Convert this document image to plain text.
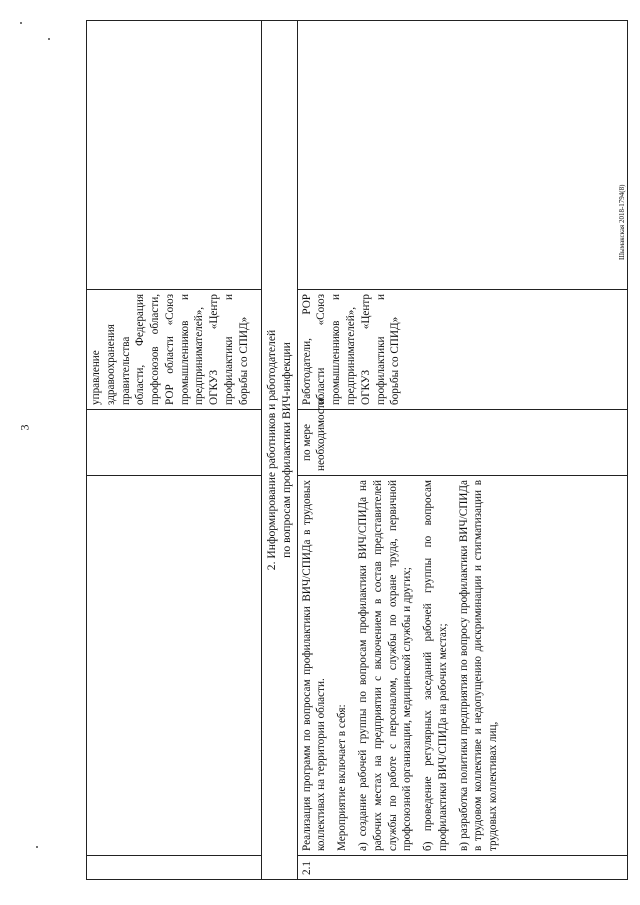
3
Шымакская 2018-1794(8)
			управление здравоохранения правительства области, Федерация профсоюзов области, РОР области «Союз промышленников и предпринимателей», ОГКУЗ «Центр профилактики и борьбы со СПИД»	

2. Информирование работников и работодателей по вопросам профилактики ВИЧ-инфекции				

2.1	Реализация программ по вопросам профилактики ВИЧ/СПИДа в трудовых коллективах на территории области. Мероприятие включает в себя: а) создание рабочей группы по вопросам профилактики ВИЧ/СПИДа на рабочих местах на предприятии с включением в состав представителей службы по работе с персоналом, службы по охране труда, первичной профсоюзной организации, медицинской службы и других; б) проведение регулярных заседаний рабочей группы по вопросам профилактики ВИЧ/СПИДа на рабочих местах; в) разработка политики предприятия по вопросу профилактики ВИЧ/СПИДа в трудовом коллективе и недопущению дискриминации и стигматизации в трудовых коллективах лиц,	по мере необходимости	Работодатели, РОР области «Союз промышленников и предпринимателей», ОГКУЗ «Центр профилактики и борьбы со СПИД»	
